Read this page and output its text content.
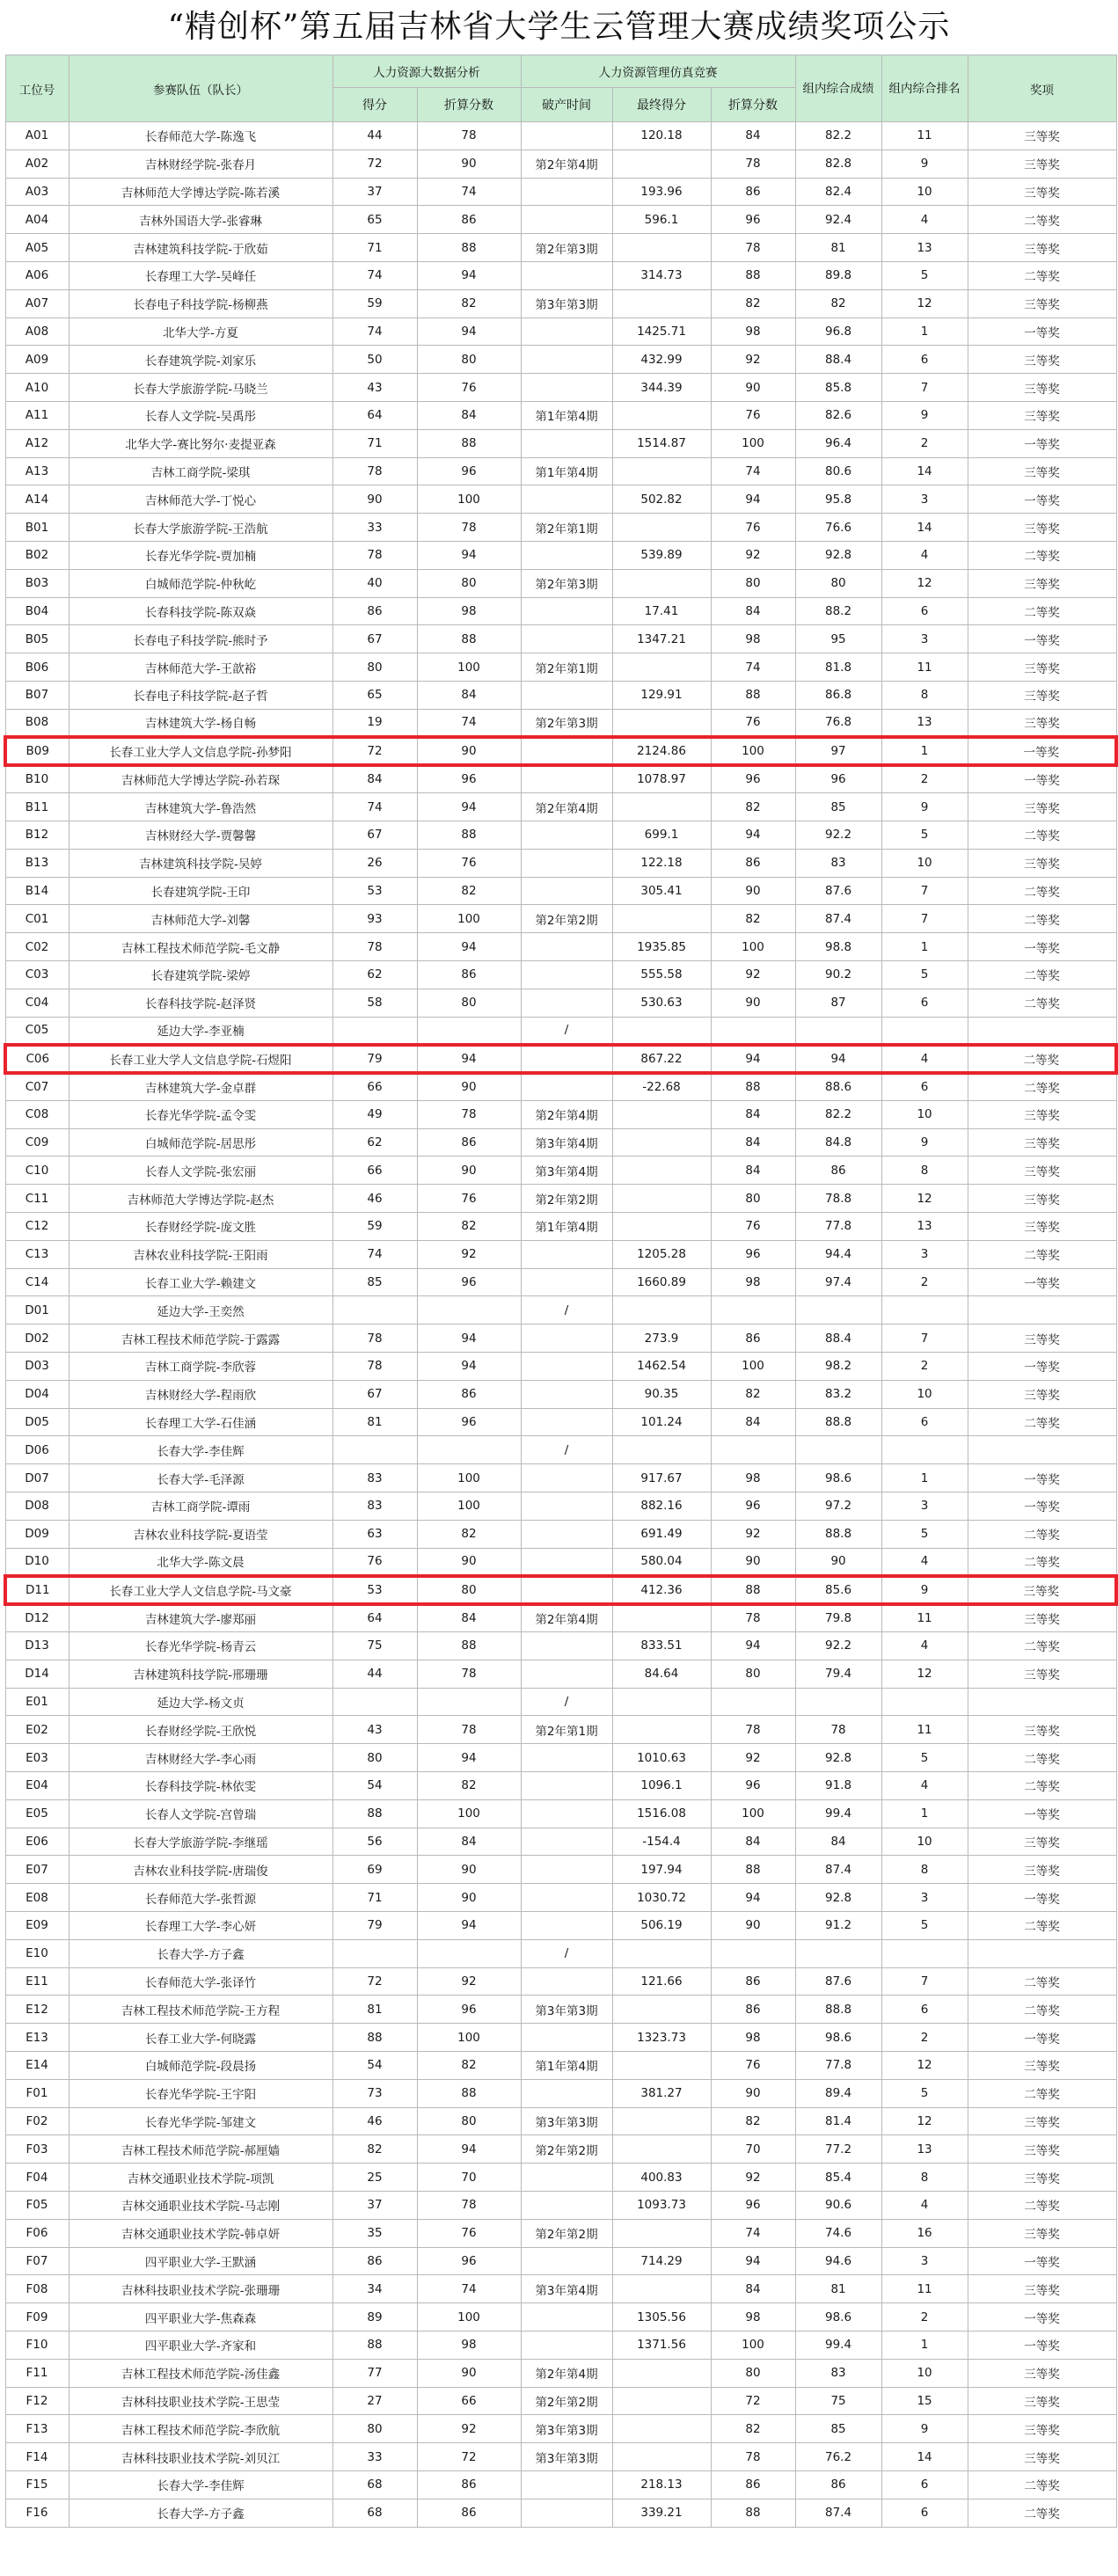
“精创杯”第五届吉林省大学生云管理大赛成绩奖项公示
工位号	参赛队伍（队长）	人力资源大数据分析		人力资源管理仿真竞赛			组内综合成绩	组内综合排名	奖项
		得分	折算分数	破产时间	最终得分	折算分数			
A01	长春师范大学-陈逸飞	44	78		120.18	84	82.2	11	三等奖
A02	吉林财经学院-张春月	72	90	第2年第4期		78	82.8	9	三等奖
A03	吉林师范大学博达学院-陈若溪	37	74		193.96	86	82.4	10	三等奖
A04	吉林外国语大学-张睿琳	65	86		596.1	96	92.4	4	二等奖
A05	吉林建筑科技学院-于欣茹	71	88	第2年第3期		78	81	13	三等奖
A06	长春理工大学-吴峰任	74	94		314.73	88	89.8	5	二等奖
A07	长春电子科技学院-杨柳燕	59	82	第3年第3期		82	82	12	三等奖
A08	北华大学-方夏	74	94		1425.71	98	96.8	1	一等奖
A09	长春建筑学院-刘家乐	50	80		432.99	92	88.4	6	三等奖
A10	长春大学旅游学院-马晓兰	43	76		344.39	90	85.8	7	三等奖
A11	长春人文学院-吴禹彤	64	84	第1年第4期		76	82.6	9	三等奖
A12	北华大学-赛比努尔·麦提亚森	71	88		1514.87	100	96.4	2	一等奖
A13	吉林工商学院-梁琪	78	96	第1年第4期		74	80.6	14	三等奖
A14	吉林师范大学-丁悦心	90	100		502.82	94	95.8	3	一等奖
B01	长春大学旅游学院-王浩航	33	78	第2年第1期		76	76.6	14	三等奖
B02	长春光华学院-贾加楠	78	94		539.89	92	92.8	4	二等奖
B03	白城师范学院-仲秋屹	40	80	第2年第3期		80	80	12	三等奖
B04	长春科技学院-陈双焱	86	98		17.41	84	88.2	6	二等奖
B05	长春电子科技学院-熊时予	67	88		1347.21	98	95	3	一等奖
B06	吉林师范大学-王歆裕	80	100	第2年第1期		74	81.8	11	三等奖
B07	长春电子科技学院-赵子哲	65	84		129.91	88	86.8	8	三等奖
B08	吉林建筑大学-杨自畅	19	74	第2年第3期		76	76.8	13	三等奖
B09	长春工业大学人文信息学院-孙梦阳	72	90		2124.86	100	97	1	一等奖
B10	吉林师范大学博达学院-孙若琛	84	96		1078.97	96	96	2	一等奖
B11	吉林建筑大学-鲁浩然	74	94	第2年第4期		82	85	9	三等奖
B12	吉林财经大学-贾馨馨	67	88		699.1	94	92.2	5	二等奖
B13	吉林建筑科技学院-吴婷	26	76		122.18	86	83	10	三等奖
B14	长春建筑学院-王印	53	82		305.41	90	87.6	7	二等奖
C01	吉林师范大学-刘馨	93	100	第2年第2期		82	87.4	7	二等奖
C02	吉林工程技术师范学院-毛文静	78	94		1935.85	100	98.8	1	一等奖
C03	长春建筑学院-梁婷	62	86		555.58	92	90.2	5	二等奖
C04	长春科技学院-赵泽贤	58	80		530.63	90	87	6	二等奖
C05	延边大学-李亚楠			/					
C06	长春工业大学人文信息学院-石煜阳	79	94		867.22	94	94	4	二等奖
C07	吉林建筑大学-金卓群	66	90		-22.68	88	88.6	6	二等奖
C08	长春光华学院-孟令雯	49	78	第2年第4期		84	82.2	10	三等奖
C09	白城师范学院-居思彤	62	86	第3年第4期		84	84.8	9	三等奖
C10	长春人文学院-张宏丽	66	90	第3年第4期		84	86	8	三等奖
C11	吉林师范大学博达学院-赵杰	46	76	第2年第2期		80	78.8	12	三等奖
C12	长春财经学院-庞文胜	59	82	第1年第4期		76	77.8	13	三等奖
C13	吉林农业科技学院-王阳雨	74	92		1205.28	96	94.4	3	二等奖
C14	长春工业大学-赖建文	85	96		1660.89	98	97.4	2	一等奖
D01	延边大学-王奕然			/					
D02	吉林工程技术师范学院-于露露	78	94		273.9	86	88.4	7	三等奖
D03	吉林工商学院-李欣蓉	78	94		1462.54	100	98.2	2	一等奖
D04	吉林财经大学-程雨欣	67	86		90.35	82	83.2	10	三等奖
D05	长春理工大学-石佳涵	81	96		101.24	84	88.8	6	二等奖
D06	长春大学-李佳辉			/					
D07	长春大学-毛泽源	83	100		917.67	98	98.6	1	一等奖
D08	吉林工商学院-谭雨	83	100		882.16	96	97.2	3	一等奖
D09	吉林农业科技学院-夏语莹	63	82		691.49	92	88.8	5	二等奖
D10	北华大学-陈文晨	76	90		580.04	90	90	4	二等奖
D11	长春工业大学人文信息学院-马文豪	53	80		412.36	88	85.6	9	三等奖
D12	吉林建筑大学-廖郑丽	64	84	第2年第4期		78	79.8	11	三等奖
D13	长春光华学院-杨青云	75	88		833.51	94	92.2	4	二等奖
D14	吉林建筑科技学院-邢珊珊	44	78		84.64	80	79.4	12	三等奖
E01	延边大学-杨文贞			/					
E02	长春财经学院-王欣悦	43	78	第2年第1期		78	78	11	三等奖
E03	吉林财经大学-李心雨	80	94		1010.63	92	92.8	5	二等奖
E04	长春科技学院-林依雯	54	82		1096.1	96	91.8	4	二等奖
E05	长春人文学院-宫曾瑞	88	100		1516.08	100	99.4	1	一等奖
E06	长春大学旅游学院-李继瑶	56	84		-154.4	84	84	10	三等奖
E07	吉林农业科技学院-唐瑞俊	69	90		197.94	88	87.4	8	三等奖
E08	长春师范大学-张哲源	71	90		1030.72	94	92.8	3	一等奖
E09	长春理工大学-李心妍	79	94		506.19	90	91.2	5	二等奖
E10	长春大学-方子鑫			/					
E11	长春师范大学-张译竹	72	92		121.66	86	87.6	7	二等奖
E12	吉林工程技术师范学院-王方程	81	96	第3年第3期		86	88.8	6	二等奖
E13	长春工业大学-何晓露	88	100		1323.73	98	98.6	2	一等奖
E14	白城师范学院-段晨扬	54	82	第1年第4期		76	77.8	12	三等奖
F01	长春光华学院-王宇阳	73	88		381.27	90	89.4	5	二等奖
F02	长春光华学院-邹建文	46	80	第3年第3期		82	81.4	12	三等奖
F03	吉林工程技术师范学院-郝厘嫱	82	94	第2年第2期		70	77.2	13	三等奖
F04	吉林交通职业技术学院-项凯	25	70		400.83	92	85.4	8	三等奖
F05	吉林交通职业技术学院-马志刚	37	78		1093.73	96	90.6	4	二等奖
F06	吉林交通职业技术学院-韩卓妍	35	76	第2年第2期		74	74.6	16	三等奖
F07	四平职业大学-王默涵	86	96		714.29	94	94.6	3	一等奖
F08	吉林科技职业技术学院-张珊珊	34	74	第3年第4期		84	81	11	三等奖
F09	四平职业大学-焦森森	89	100		1305.56	98	98.6	2	一等奖
F10	四平职业大学-齐家和	88	98		1371.56	100	99.4	1	一等奖
F11	吉林工程技术师范学院-汤佳鑫	77	90	第2年第4期		80	83	10	三等奖
F12	吉林科技职业技术学院-王思莹	27	66	第2年第2期		72	75	15	三等奖
F13	吉林工程技术师范学院-李欣航	80	92	第3年第3期		82	85	9	三等奖
F14	吉林科技职业技术学院-刘贝江	33	72	第3年第3期		78	76.2	14	三等奖
F15	长春大学-李佳辉	68	86		218.13	86	86	6	二等奖
F16	长春大学-方子鑫	68	86		339.21	88	87.4	6	二等奖
